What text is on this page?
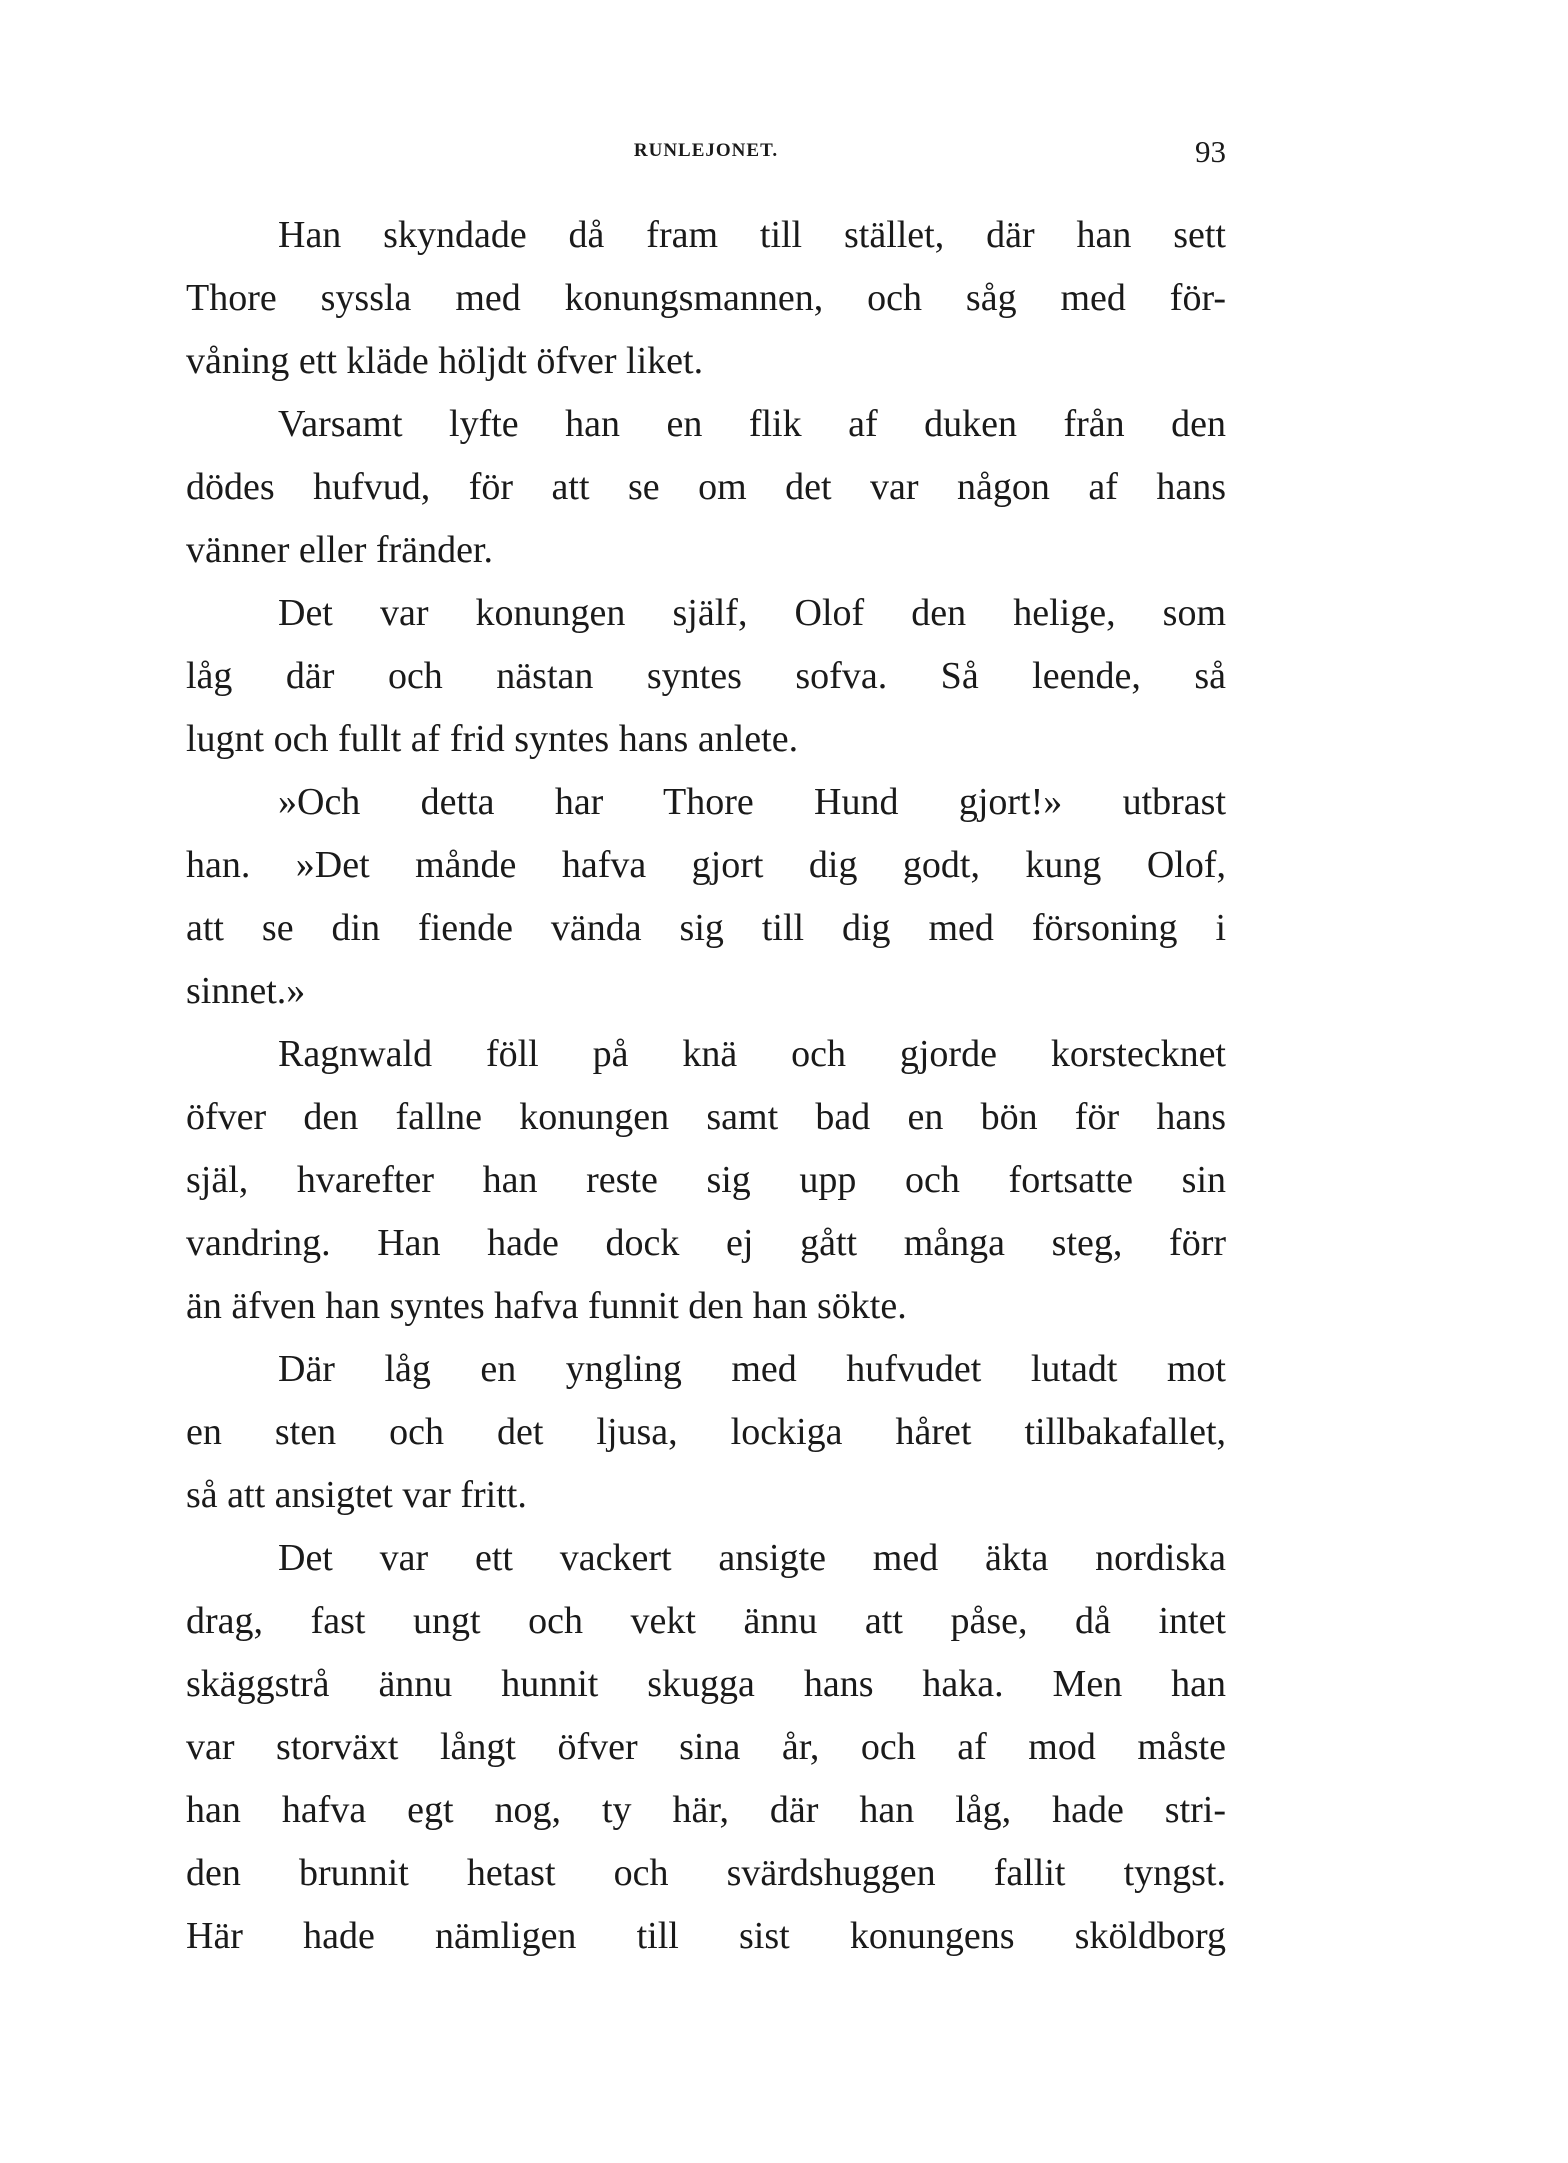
RUNLEJONET.	93
Han skyndade då fram till stället, där han sett
Thore syssla med konungsmannen, och såg med för-
våning ett kläde höljdt öfver liket.
Varsamt lyfte han en flik af duken från den
dödes hufvud, för att se om det var någon af hans
vänner eller fränder.
Det var konungen själf, Olof den helige, som
låg där och nästan syntes sofva. Så leende, så
lugnt och fullt af frid syntes hans anlete.
»Och detta har Thore Hund gjort!» utbrast
han. »Det månde hafva gjort dig godt, kung Olof,
att se din fiende vända sig till dig med försoning i
sinnet.»
Ragnwald föll på knä och gjorde korstecknet
öfver den fallne konungen samt bad en bön för hans
själ, hvarefter han reste sig upp och fortsatte sin
vandring. Han hade dock ej gått många steg, förr
än äfven han syntes hafva funnit den han sökte.
Där låg en yngling med hufvudet lutadt mot
en sten och det ljusa, lockiga håret tillbakafallet,
så att ansigtet var fritt.
Det var ett vackert ansigte med äkta nordiska
drag, fast ungt och vekt ännu att påse, då intet
skäggstrå ännu hunnit skugga hans haka. Men han
var storväxt långt öfver sina år, och af mod måste
han hafva egt nog, ty här, där han låg, hade stri-
den brunnit hetast och svärdshuggen fallit tyngst.
Här hade nämligen till sist konungens sköldborg
